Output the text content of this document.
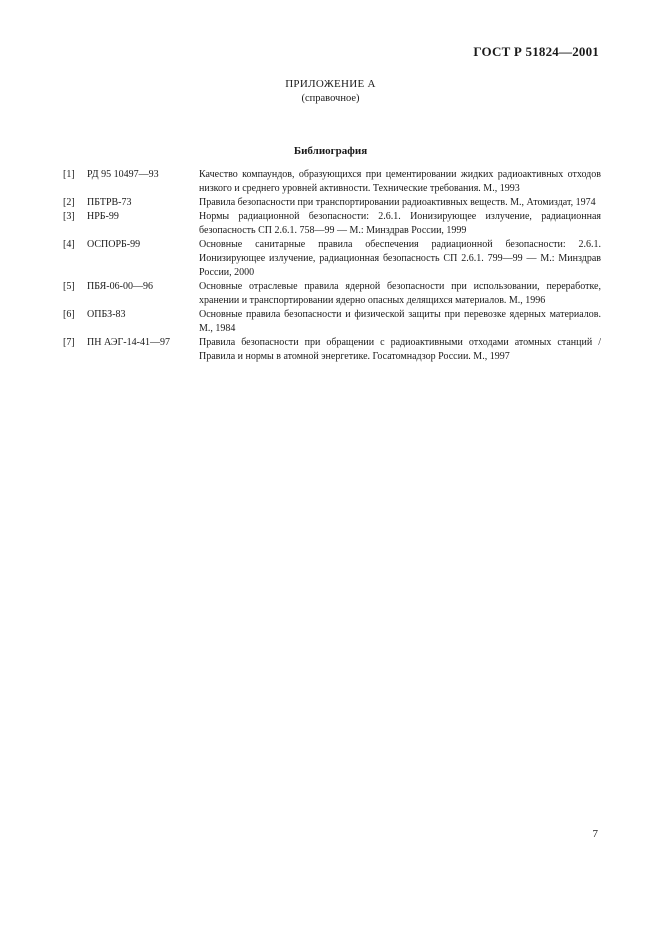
ГОСТ Р 51824—2001
ПРИЛОЖЕНИЕ А
(справочное)
Библиография
[1]	РД 95 10497—93	Качество компаундов, образующихся при цементировании жидких радиоактивных отходов низкого и среднего уровней активности. Технические требования. М., 1993
[2]	ПБТРВ-73	Правила безопасности при транспортировании радиоактивных веществ. М., Атомиздат, 1974
[3]	НРБ-99	Нормы радиационной безопасности: 2.6.1. Ионизирующее излучение, радиационная безопасность СП 2.6.1. 758—99 — М.: Минздрав России, 1999
[4]	ОСПОРБ-99	Основные санитарные правила обеспечения радиационной безопасности: 2.6.1. Ионизирующее излучение, радиационная безопасность СП 2.6.1. 799—99 — М.: Минздрав России, 2000
[5]	ПБЯ-06-00—96	Основные отраслевые правила ядерной безопасности при использовании, переработке, хранении и транспортировании ядерно опасных делящихся материалов. М., 1996
[6]	ОПБЗ-83	Основные правила безопасности и физической защиты при перевозке ядерных материалов. М., 1984
[7]	ПН АЭГ-14-41—97	Правила безопасности при обращении с радиоактивными отходами атомных станций / Правила и нормы в атомной энергетике. Госатомнадзор России. М., 1997
7
